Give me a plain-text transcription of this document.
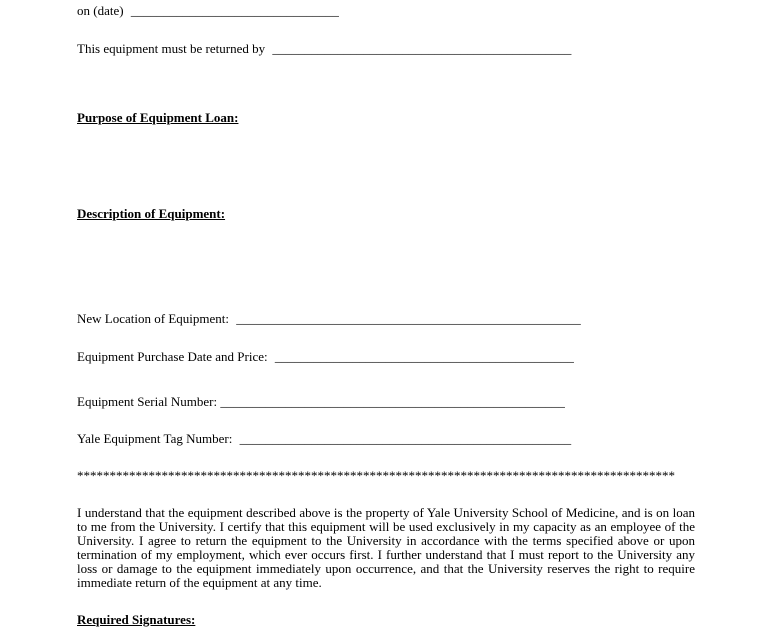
on (date) ________________________________
This equipment must be returned by ______________________________________________
Purpose of Equipment Loan:
Description of Equipment:
New Location of Equipment: _____________________________________________________
Equipment Purchase Date and Price: ______________________________________________
Equipment Serial Number: _____________________________________________________
Yale Equipment Tag Number: ___________________________________________________
********************************************************************************************
I understand that the equipment described above is the property of Yale University School of Medicine, and is on loan to me from the University. I certify that this equipment will be used exclusively in my capacity as an employee of the University. I agree to return the equipment to the University in accordance with the terms specified above or upon termination of my employment, which ever occurs first. I further understand that I must report to the University any loss or damage to the equipment immediately upon occurrence, and that the University reserves the right to require immediate return of the equipment at any time.
Required Signatures:
